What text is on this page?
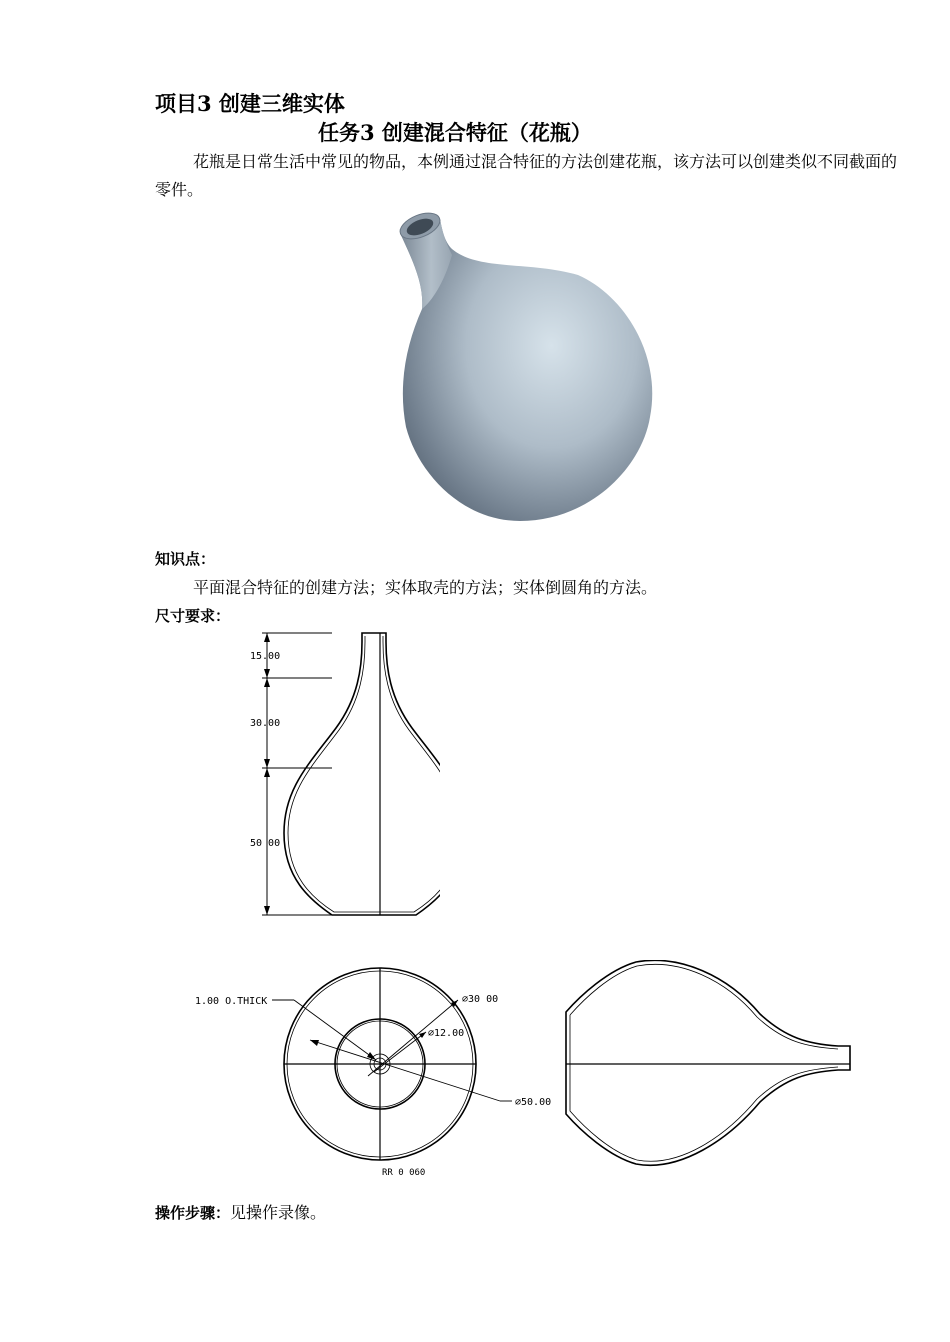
项目3 创建三维实体
任务3 创建混合特征（花瓶）
花瓶是日常生活中常见的物品，本例通过混合特征的方法创建花瓶，该方法可以创建类似不同截面的零件。
知识点：
平面混合特征的创建方法；实体取壳的方法；实体倒圆角的方法。
尺寸要求：
15.00
30.00
50 00
1.00 O.THICK	⌀30 00
⌀12.00
⌀50.00
RR 0 060
操作步骤：见操作录像。
